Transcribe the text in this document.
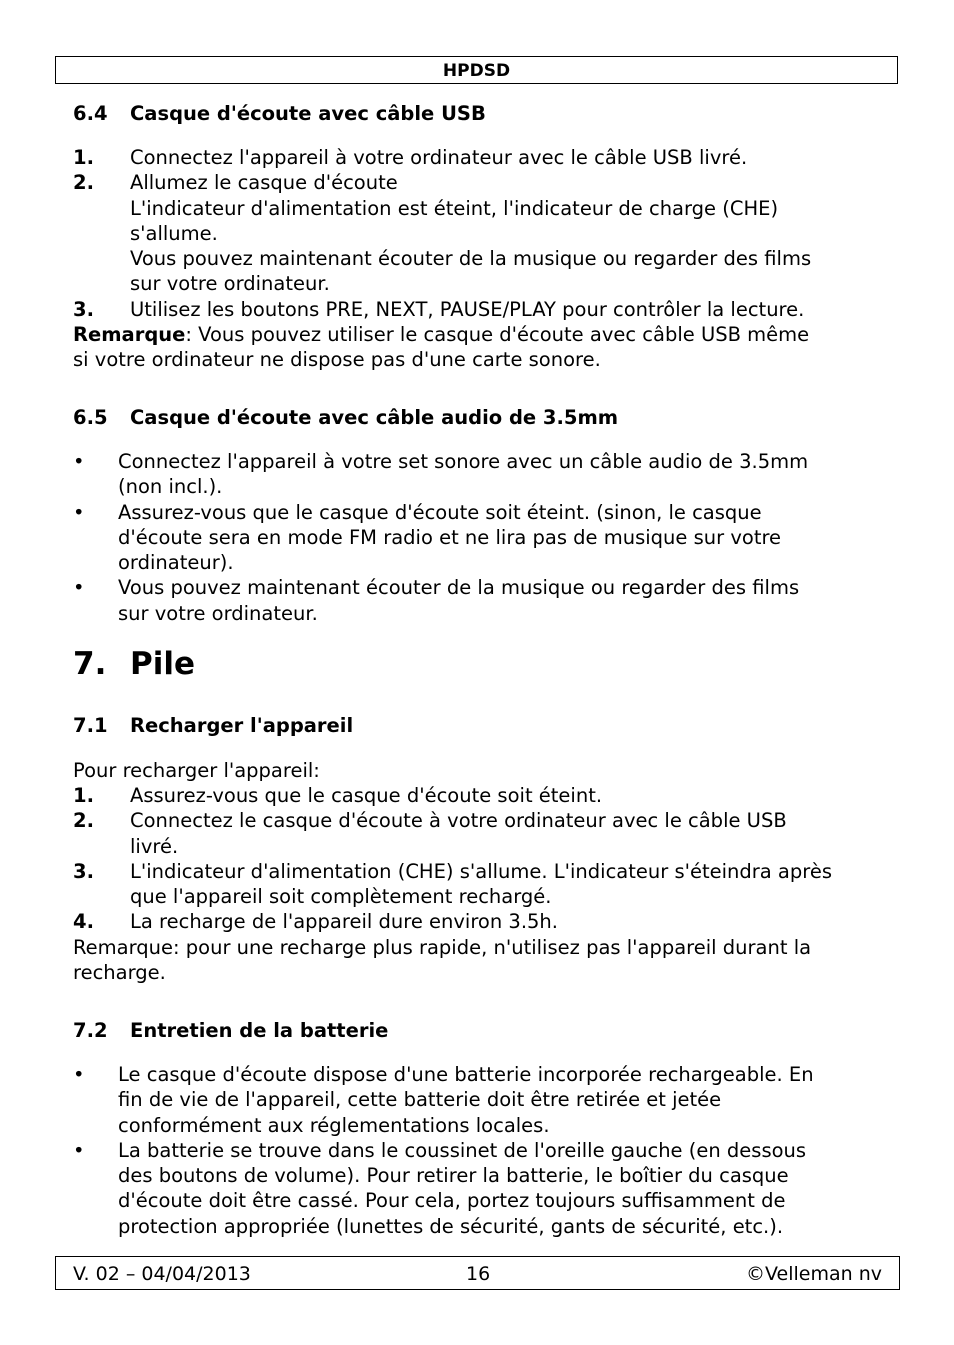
HPDSD
6.4 Casque d'écoute avec câble USB
1. Connectez l'appareil à votre ordinateur avec le câble USB livré.
2. Allumez le casque d'écoute
L'indicateur d'alimentation est éteint, l'indicateur de charge (CHE)
s'allume.
Vous pouvez maintenant écouter de la musique ou regarder des films
sur votre ordinateur.
3. Utilisez les boutons PRE, NEXT, PAUSE/PLAY pour contrôler la lecture.

Remarque: Vous pouvez utiliser le casque d'écoute avec câble USB même
si votre ordinateur ne dispose pas d'une carte sonore.

6.5 Casque d'écoute avec câble audio de 3.5mm
• Connectez l'appareil à votre set sonore avec un câble audio de 3.5mm
(non incl.).
• Assurez-vous que le casque d'écoute soit éteint. (sinon, le casque
d'écoute sera en mode FM radio et ne lira pas de musique sur votre
ordinateur).
• Vous pouvez maintenant écouter de la musique ou regarder des films
sur votre ordinateur.
7. Pile
7.1 Recharger l'appareil

Pour recharger l'appareil:

1. Assurez-vous que le casque d'écoute soit éteint.
2. Connectez le casque d'écoute à votre ordinateur avec le câble USB
livré.
3. L'indicateur d'alimentation (CHE) s'allume. L'indicateur s'éteindra après
que l'appareil soit complètement rechargé.
4. La recharge de l'appareil dure environ 3.5h.

Remarque: pour une recharge plus rapide, n'utilisez pas l'appareil durant la
recharge.

7.2 Entretien de la batterie
• Le casque d'écoute dispose d'une batterie incorporée rechargeable. En
fin de vie de l'appareil, cette batterie doit être retirée et jetée
conformément aux réglementations locales.
• La batterie se trouve dans le coussinet de l'oreille gauche (en dessous
des boutons de volume). Pour retirer la batterie, le boîtier du casque
d'écoute doit être cassé. Pour cela, portez toujours suffisamment de
protection appropriée (lunettes de sécurité, gants de sécurité, etc.).
V. 02 – 04/04/2013	16	©Velleman nv
